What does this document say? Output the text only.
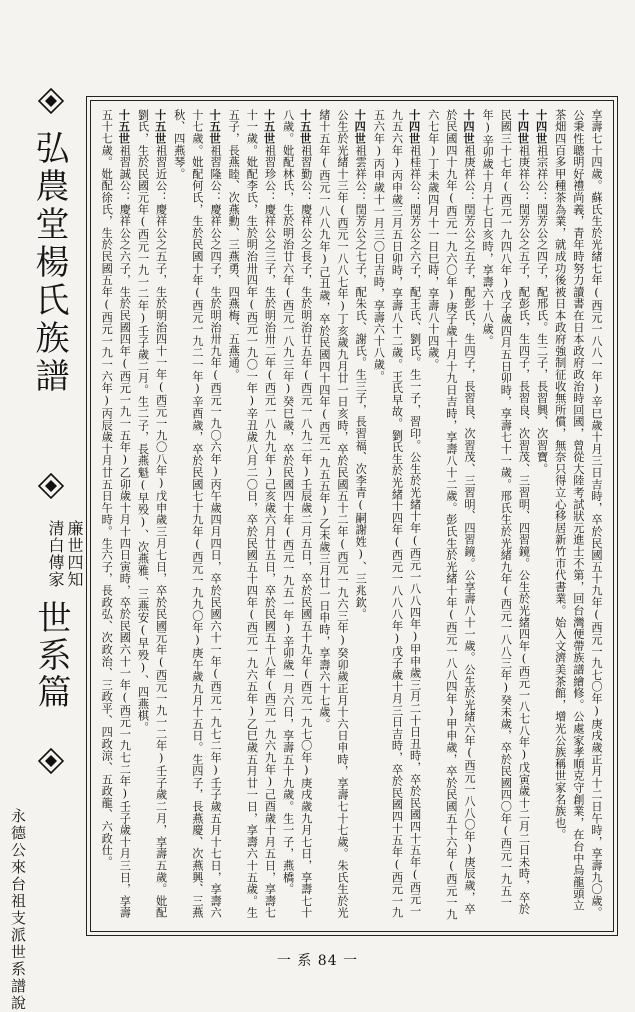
弘農堂楊氏族譜
廉世四知
清白傳家
世系篇
永德公來台祖支派世系譜說	享壽七十四歲。蘇氏生於光緒七年(西元一八八一年)辛巳歲十月三日吉時，卒於民國五十九年(西元一九七〇年)庚戌歲正月十二日午時，享壽九〇歲。

公秉性聰明好禮尚義，青年時努力讀書在日本政府政治時回國，曾從大陸考試狀元進士不第，回台灣便帶族譜繪修。公處家孝順克守創業，在台中烏龍頭立茶畑四百多甲種茶為業，就成功後被日本政府強制征收無所償，無奈只得立心移居新竹市代書業。始入文濟美茶館，增光公族稱世家名族也。

十四世祖宗祥公：閏芳公之四子，配邢氏。生二子，長習興、次習寶。

十四世祖庚祥公：閏芳公之五子，配彭氏，生四子，長習良、次習茂、三習明、四習鏡。公生於光緒四年(西元一八七八年)戊寅歲十二月二日未時，卒於民國三十七年(西元一九四八年)戊子歲四月五日卯時，享壽七十一歲。邢氏生於光緒九年(西元一八八三年)癸未歲，卒於民國四〇年(西元一九五一年)辛卯歲十月十七日亥時，享壽六十八歲。

十四世祖庚祥公：閏芳公之五子，配彭氏，生四子，長習良、次習茂、三習明、四習鏡。公享壽八十一歲。公生於光緒六年(西元一八八〇年)庚辰歲，卒於民國四十九年(西元一九六〇年)庚子歲十月十九日吉時，享壽八十二歲。彭氏生於光緒十年(西元一八八四年)甲申歲，卒於民國五十六年(西元一九六七年)丁未歲四月十一日巳時，享壽八十四歲。

十四世祖桂祥公：閏芳公之六子，配王氏、劉氏。生一子，習印。公生於光緒十年(西元一八八四年)甲申歲三月二十日丑時，卒於民國四十五年(西元一九五六年)丙申歲三月五日卯時，享壽八十二歲。王氏早故。劉氏生於光緒十四年(西元一八八八年)戊子歲十月三日吉時，卒於民國四十五年(西元一九五六年)丙申歲十一月三〇日吉時，享壽六十八歲。

十四世祖雲祥公：閏芳公之七子，配朱氏、謝氏。生三子，長習福、次李青(嗣謝姓)、三兆欽。

公生於光緒十三年(西元一八八七年)丁亥歲九月廿一日亥時，卒於民國五十二年(西元一九六三年)癸卯歲正月十六日申時，享壽七十七歲。朱氏生於光緒十五年(西元一八八九年)己丑歲，卒於民國四十四年(西元一九五五年)乙未歲三月廿一日申時，享壽六十七歲。

十五世祖習勤公：慶祥公之長子，生於明治廿五年(西元一八九二年)壬辰歲二月五日，卒於民國五十九年(西元一九七〇年)庚戌歲九月七日，享壽七十八歲。妣配林氏，生於明治廿六年(西元一八九三年)癸巳歲，卒於民國四十年(西元一九五一年)辛卯歲一月六日，享壽五十九歲。生一子，燕橋。

十五世祖習珍公：慶祥公之三子，生於明治卅二年(西元一八九九年)己亥歲六月廿五日，卒於民國五十八年(西元一九六九年)己酉歲十月五日，享壽七十一歲。妣配李氏，生於明治卅四年(西元一九〇一年)辛丑歲八月二〇日，卒於民國五十四年(西元一九六五年)乙巳歲五月廿一日，享壽六十五歲。生五子，長燕睦、次燕勳、三燕勇、四燕梅、五燕通。

十五世祖習隆公：慶祥公之四子，生於明治卅九年(西元一九〇六年)丙午歲四月四日，卒於民國六十一年(西元一九七二年)壬子歲五月十七日，享壽六十七歲。妣配何氏，生於民國十年(西元一九二一年)辛酉歲，卒於民國七十九年(西元一九九〇年)庚午歲九月十五日。生四子，長燕慶、次燕興、三燕秋、四燕琴。

十五世祖習近公：慶祥公之五子，生於明治四十一年(西元一九〇八年)戊申歲三月七日，卒於民國元年(西元一九一二年)壬子歲二月，享壽五歲。妣配劉氏，生於民國元年(西元一九一二年)壬子歲二月。生二子，長燕魁(早殁)、次燕雅、三燕安(早殁)、四燕棋。

十五世祖習誠公：慶祥公之六子，生於民國四年(西元一九一五年)乙卯歲十月十四日寅時，卒於民國六十一年(西元一九七二年)壬子歲十月三日，享壽五十七歲。妣配徐氏，生於民國五年(西元一九一六年)丙辰歲十月廿五日午時。生六子，長政弘、次政治、三政平、四政涼、五政龍、六政仕。

一 系 84 一
